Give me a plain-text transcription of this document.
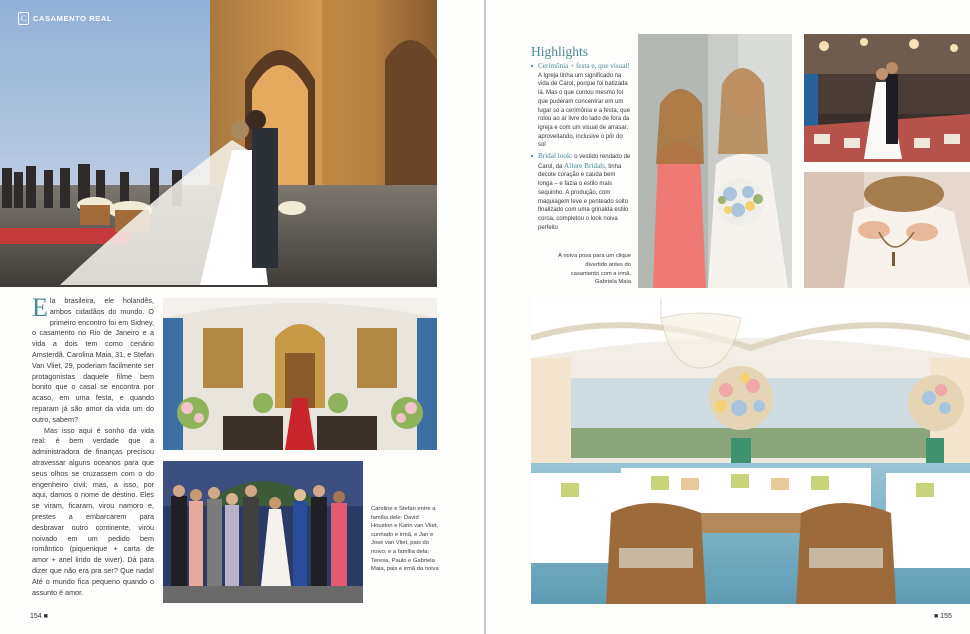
C CASAMENTO REAL

Ela brasileira, ele holandês, ambos cidadãos do mundo. O primeiro encontro foi em Sidney, o casamento no Rio de Janeiro e a vida a dois tem como cenário Amsterdã. Carolina Maia, 31, e Stefan Van Vliet, 29, poderiam facilmente ser protagonistas daquele filme bem bonito que o casal se encontra por acaso, em uma festa, e quando reparam já são amor da vida um do outro, sabem?

Mas isso aqui é sonho da vida real: é bem verdade que a administradora de finanças precisou atravessar alguns oceanos para que seus olhos se cruzassem com o do engenheiro civil; mas, a isso, por aqui, damos o nome de destino. Eles se viram, ficaram, virou namoro e, prestes a embarcarem para desbravar outro continente, virou noivado em um pedido bem romântico (piquenique + carta de amor + anel lindo de viver). Dá para dizer que não era pra ser? Que nada! Até o mundo fica pequeno quando o assunto é amor.

Caroline e Stefan entre a família dele: David Houston e Karin van Vliet, cunhado e irmã, e Jan e José van Vliet, pais do noivo; e a família dela: Teresa, Paulo e Gabriela Maia, pais e irmã da noiva
154 ■
Highlights
■ Cerimônia + festa e, que visual! A Igreja tinha um significado na vida de Carol, porque foi batizada lá. Mas o que contou mesmo foi que puderam concentrar em um lugar só a cerimônia e a festa, que rolou ao ar livre do lado de fora da igreja e com um visual de arrasar, aproveitando, inclusive o pôr do sol
■ Bridal look: o vestido rendado de Carol, da Allure Bridals, tinha decote coração e cauda bem longa – e fazia o estilo mais sequinho. A produção, com maquiagem leve e penteado solto finalizado com uma grinalda estilo coroa, completou o look noiva perfeito
A noiva posa para um clique divertido antes do casamento com a irmã, Gabriela Maia
■ 155
